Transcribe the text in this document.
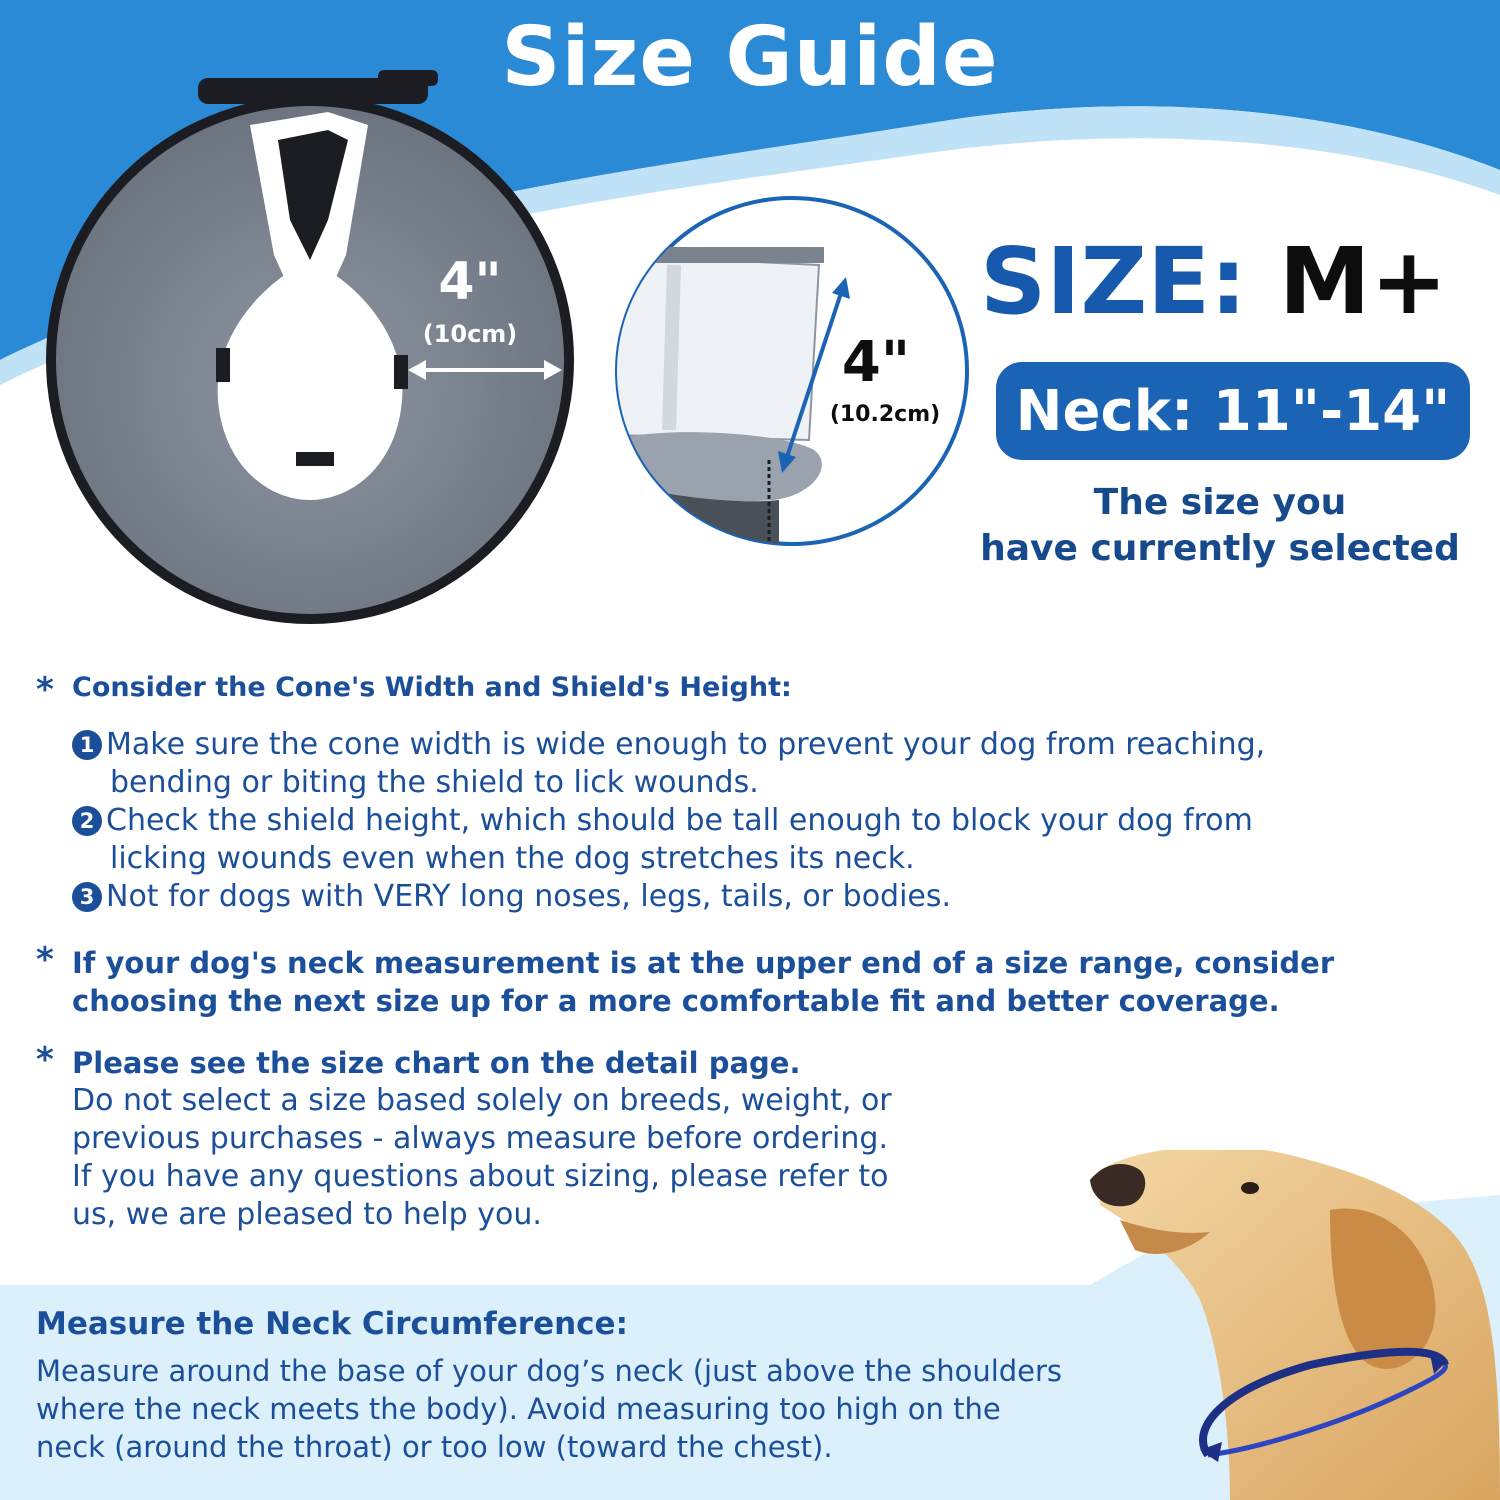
Size Guide
4"
(10cm)	4"
(10.2cm)
SIZE: M+
Neck: 11"-14"
The size you
have currently selected
* Consider the Cone's Width and Shield's Height:
1 Make sure the cone width is wide enough to prevent your dog from reaching,
bending or biting the shield to lick wounds.
2 Check the shield height, which should be tall enough to block your dog from
licking wounds even when the dog stretches its neck.
3 Not for dogs with VERY long noses, legs, tails, or bodies.
* If your dog's neck measurement is at the upper end of a size range, consider
choosing the next size up for a more comfortable fit and better coverage.
* Please see the size chart on the detail page.
Do not select a size based solely on breeds, weight, or
previous purchases - always measure before ordering.
If you have any questions about sizing, please refer to
us, we are pleased to help you.
Measure the Neck Circumference:
Measure around the base of your dog’s neck (just above the shoulders where the neck meets the body). Avoid measuring too high on the neck (around the throat) or too low (toward the chest).
